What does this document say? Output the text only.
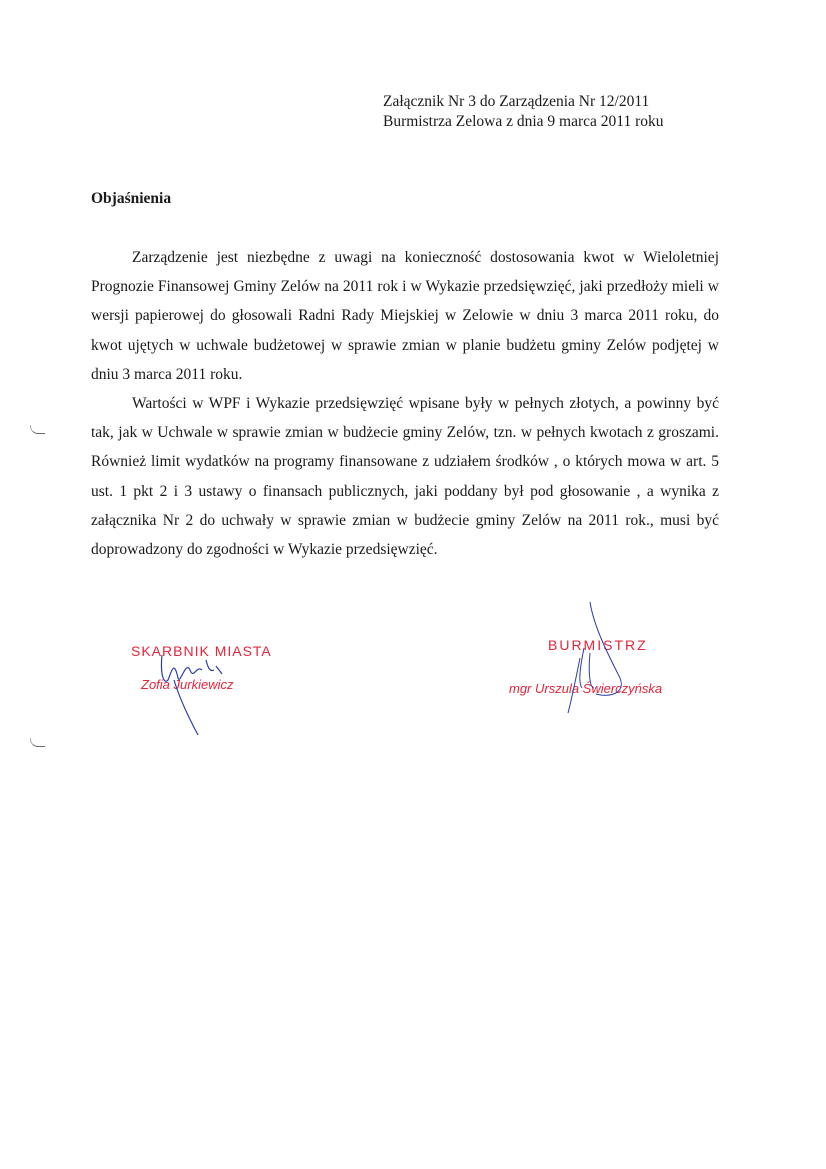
Załącznik Nr 3 do Zarządzenia Nr 12/2011
Burmistrza Zelowa z dnia 9 marca 2011 roku
Objaśnienia

Zarządzenie jest niezbędne z uwagi na konieczność dostosowania kwot w Wieloletniej Prognozie Finansowej Gminy Zelów na 2011 rok i w Wykazie przedsięwzięć, jaki przedłoży mieli w wersji papierowej do głosowali Radni Rady Miejskiej w Zelowie w dniu 3 marca 2011 roku, do kwot ujętych w uchwale budżetowej w sprawie zmian w planie budżetu gminy Zelów podjętej w dniu 3 marca 2011 roku.

Wartości w WPF i Wykazie przedsięwzięć wpisane były w pełnych złotych, a powinny być tak, jak w Uchwale w sprawie zmian w budżecie gminy Zelów, tzn. w pełnych kwotach z groszami. Również limit wydatków na programy finansowane z udziałem środków , o których mowa w art. 5 ust. 1 pkt 2 i 3 ustawy o finansach publicznych, jaki poddany był pod głosowanie , a wynika z załącznika Nr 2 do uchwały w sprawie zmian w budżecie gminy Zelów na 2011 rok., musi być doprowadzony do zgodności w Wykazie przedsięwzięć.

SKARBNIK MIASTA
Zofia Jurkiewicz
BURMISTRZ
mgr Urszula Świerczyńska
